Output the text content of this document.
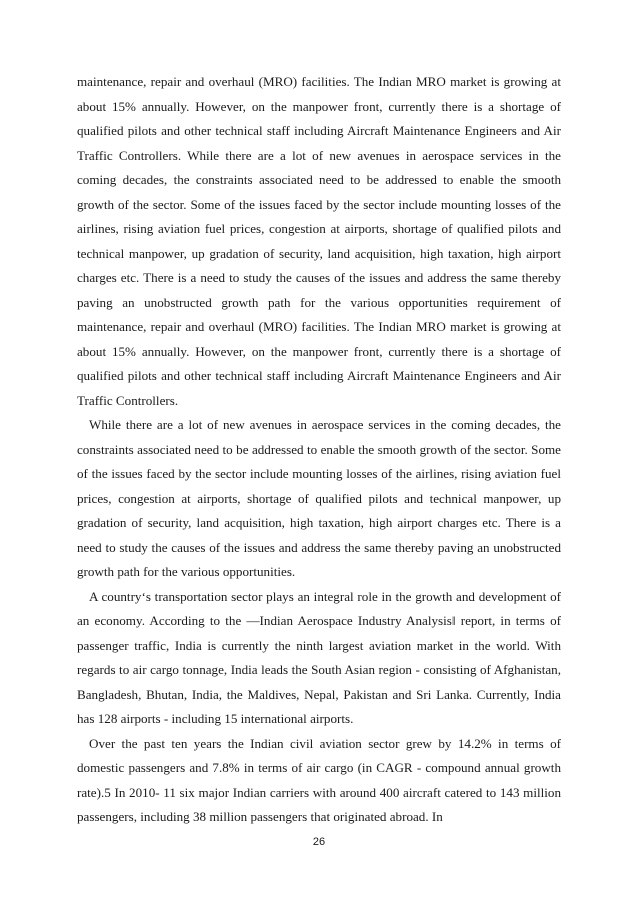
maintenance, repair and overhaul (MRO) facilities. The Indian MRO market is growing at about 15% annually. However, on the manpower front, currently there is a shortage of qualified pilots and other technical staff including Aircraft Maintenance Engineers and Air Traffic Controllers. While there are a lot of new avenues in aerospace services in the coming decades, the constraints associated need to be addressed to enable the smooth growth of the sector. Some of the issues faced by the sector include mounting losses of the airlines, rising aviation fuel prices, congestion at airports, shortage of qualified pilots and technical manpower, up gradation of security, land acquisition, high taxation, high airport charges etc. There is a need to study the causes of the issues and address the same thereby paving an unobstructed growth path for the various opportunities requirement of maintenance, repair and overhaul (MRO) facilities. The Indian MRO market is growing at about 15% annually. However, on the manpower front, currently there is a shortage of qualified pilots and other technical staff including Aircraft Maintenance Engineers and Air Traffic Controllers.

While there are a lot of new avenues in aerospace services in the coming decades, the constraints associated need to be addressed to enable the smooth growth of the sector. Some of the issues faced by the sector include mounting losses of the airlines, rising aviation fuel prices, congestion at airports, shortage of qualified pilots and technical manpower, up gradation of security, land acquisition, high taxation, high airport charges etc. There is a need to study the causes of the issues and address the same thereby paving an unobstructed growth path for the various opportunities.

A country‘s transportation sector plays an integral role in the growth and development of an economy. According to the ―Indian Aerospace Industry Analysis‖ report, in terms of passenger traffic, India is currently the ninth largest aviation market in the world. With regards to air cargo tonnage, India leads the South Asian region - consisting of Afghanistan, Bangladesh, Bhutan, India, the Maldives, Nepal, Pakistan and Sri Lanka. Currently, India has 128 airports - including 15 international airports.

Over the past ten years the Indian civil aviation sector grew by 14.2% in terms of domestic passengers and 7.8% in terms of air cargo (in CAGR - compound annual growth rate).5 In 2010- 11 six major Indian carriers with around 400 aircraft catered to 143 million passengers, including 38 million passengers that originated abroad. In

26
